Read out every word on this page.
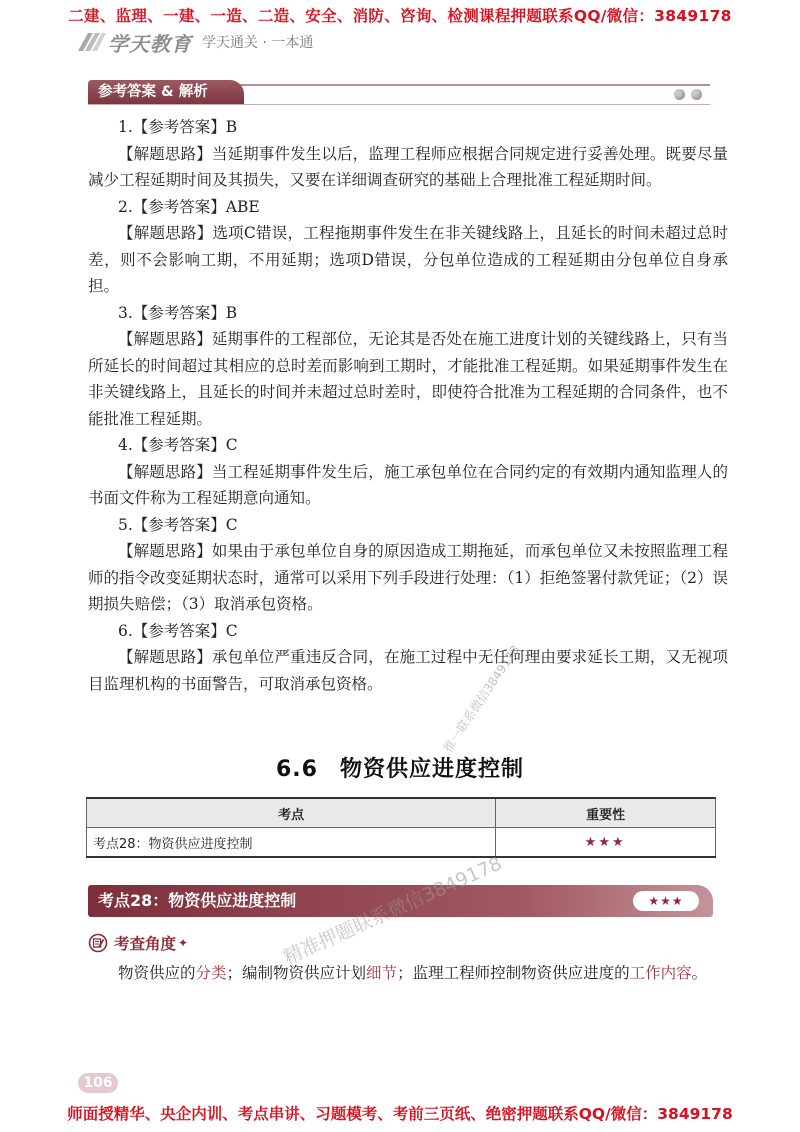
二建、监理、一建、一造、二造、安全、消防、咨询、检测课程押题联系QQ/微信：3849178
学天教育 学天通关 · 一本通
参考答案 & 解析

1.【参考答案】B

【解题思路】当延期事件发生以后，监理工程师应根据合同规定进行妥善处理。既要尽量减少工程延期时间及其损失，又要在详细调查研究的基础上合理批准工程延期时间。

2.【参考答案】ABE

【解题思路】选项C错误，工程拖期事件发生在非关键线路上，且延长的时间未超过总时差，则不会影响工期，不用延期；选项D错误，分包单位造成的工程延期由分包单位自身承担。

3.【参考答案】B

【解题思路】延期事件的工程部位，无论其是否处在施工进度计划的关键线路上，只有当所延长的时间超过其相应的总时差而影响到工期时，才能批准工程延期。如果延期事件发生在非关键线路上，且延长的时间并未超过总时差时，即使符合批准为工程延期的合同条件，也不能批准工程延期。

4.【参考答案】C

【解题思路】当工程延期事件发生后，施工承包单位在合同约定的有效期内通知监理人的书面文件称为工程延期意向通知。

5.【参考答案】C

【解题思路】如果由于承包单位自身的原因造成工期拖延，而承包单位又未按照监理工程师的指令改变延期状态时，通常可以采用下列手段进行处理：（1）拒绝签署付款凭证；（2）误期损失赔偿；（3）取消承包资格。

6.【参考答案】C

【解题思路】承包单位严重违反合同，在施工过程中无任何理由要求延长工期，又无视项目监理机构的书面警告，可取消承包资格。

6.6 物资供应进度控制
考点	重要性
考点28：物资供应进度控制	★★★
考点28：物资供应进度控制	★★★
考查角度 ✦

物资供应的分类；编制物资供应计划细节；监理工程师控制物资供应进度的工作内容。

推一联系微信3849178
精准押题联系微信3849178
106
师面授精华、央企内训、考点串讲、习题模考、考前三页纸、绝密押题联系QQ/微信：3849178
